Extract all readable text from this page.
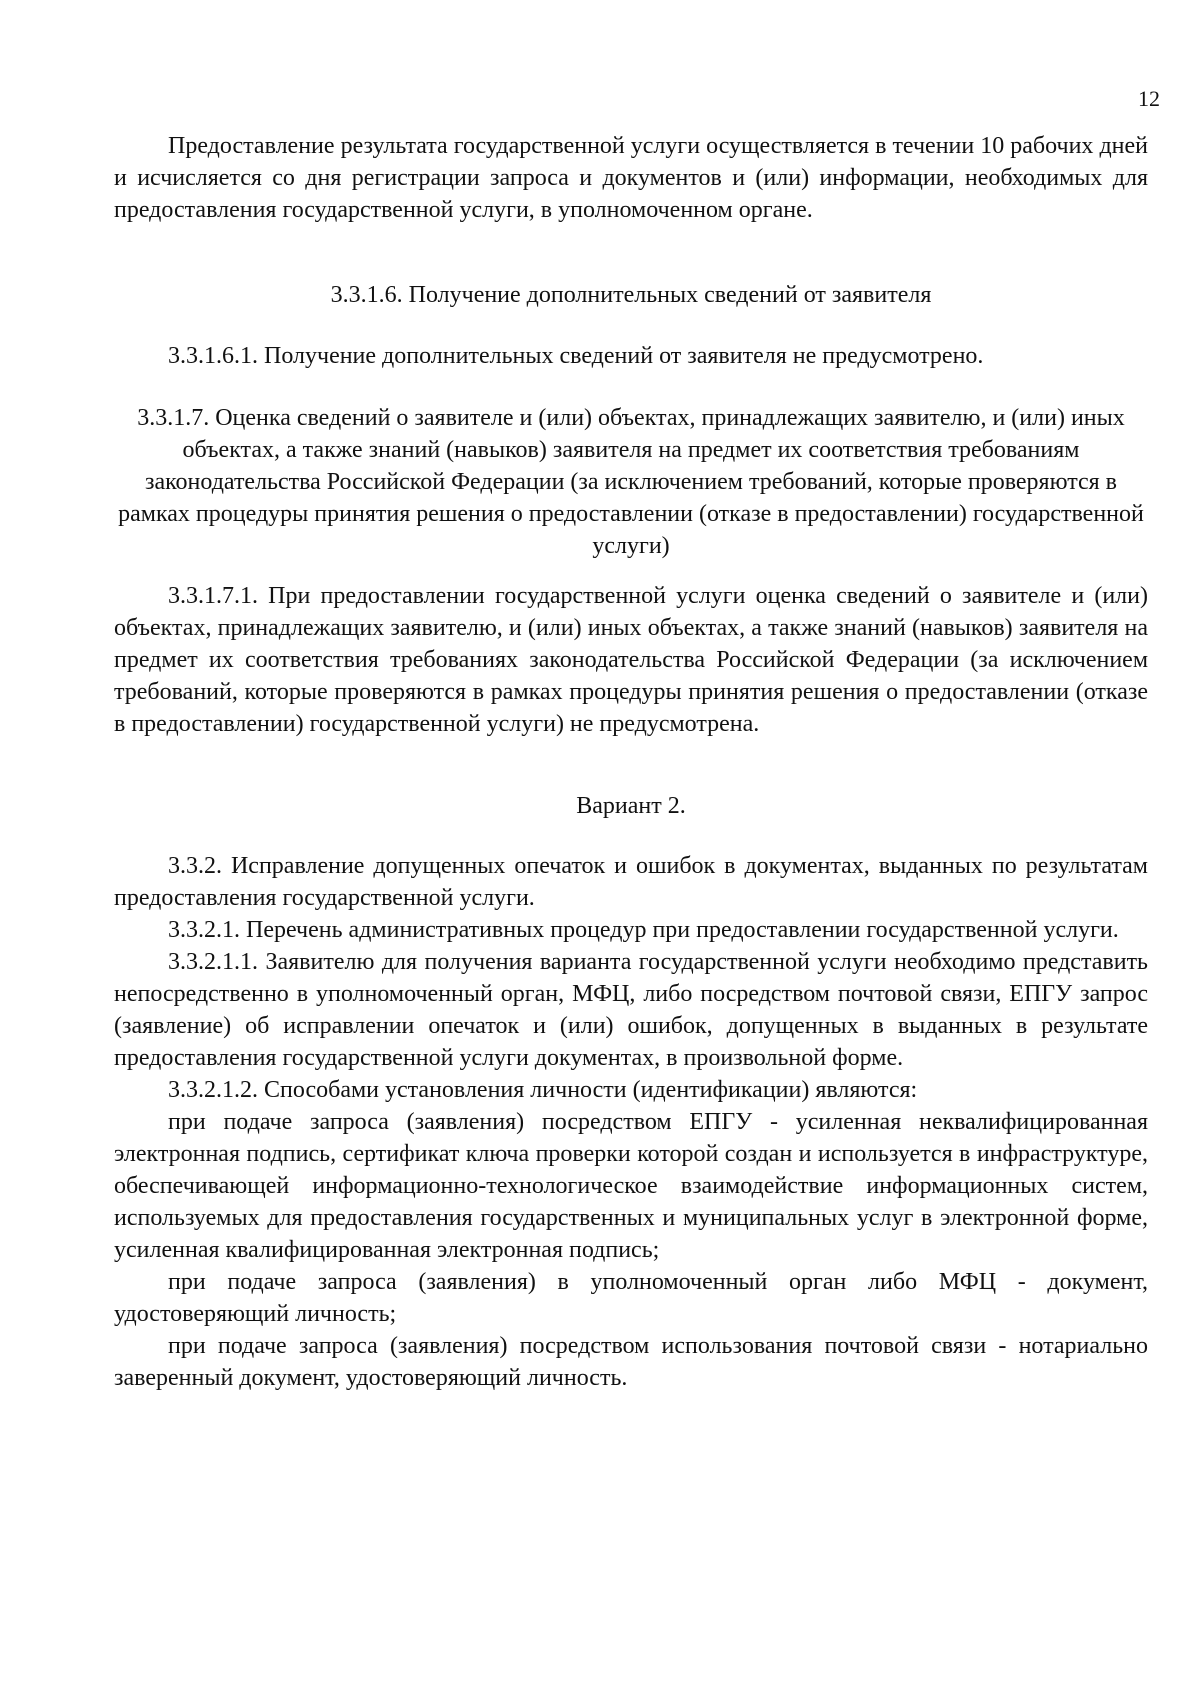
12

Предоставление результата государственной услуги осуществляется в течении 10 рабочих дней и исчисляется со дня регистрации запроса и документов и (или) информации, необходимых для предоставления государственной услуги, в уполномоченном органе.

3.3.1.6. Получение дополнительных сведений от заявителя

3.3.1.6.1. Получение дополнительных сведений от заявителя не предусмотрено.

3.3.1.7. Оценка сведений о заявителе и (или) объектах, принадлежащих заявителю, и (или) иных объектах, а также знаний (навыков) заявителя на предмет их соответствия требованиям законодательства Российской Федерации (за исключением требований, которые проверяются в рамках процедуры принятия решения о предоставлении (отказе в предоставлении) государственной услуги)

3.3.1.7.1. При предоставлении государственной услуги оценка сведений о заявителе и (или) объектах, принадлежащих заявителю, и (или) иных объектах, а также знаний (навыков) заявителя на предмет их соответствия требованиях законодательства Российской Федерации (за исключением требований, которые проверяются в рамках процедуры принятия решения о предоставлении (отказе в предоставлении) государственной услуги) не предусмотрена.

Вариант 2.

3.3.2. Исправление допущенных опечаток и ошибок в документах, выданных по результатам предоставления государственной услуги.

3.3.2.1. Перечень административных процедур при предоставлении государственной услуги.

3.3.2.1.1. Заявителю для получения варианта государственной услуги необходимо представить непосредственно в уполномоченный орган, МФЦ, либо посредством почтовой связи, ЕПГУ запрос (заявление) об исправлении опечаток и (или) ошибок, допущенных в выданных в результате предоставления государственной услуги документах, в произвольной форме.

3.3.2.1.2. Способами установления личности (идентификации) являются:

при подаче запроса (заявления) посредством ЕПГУ - усиленная неквалифицированная электронная подпись, сертификат ключа проверки которой создан и используется в инфраструктуре, обеспечивающей информационно-технологическое взаимодействие информационных систем, используемых для предоставления государственных и муниципальных услуг в электронной форме, усиленная квалифицированная электронная подпись;

при подаче запроса (заявления) в уполномоченный орган либо МФЦ - документ, удостоверяющий личность;

при подаче запроса (заявления) посредством использования почтовой связи - нотариально заверенный документ, удостоверяющий личность.
